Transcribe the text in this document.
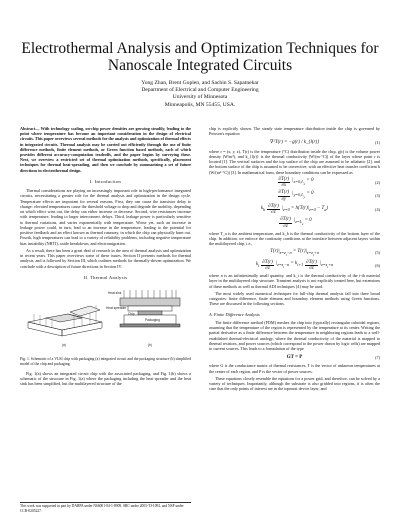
Electrothermal Analysis and Optimization Techniques for Nanoscale Integrated Circuits
Yong Zhan, Brent Goplen, and Sachin S. Sapatnekar
Department of Electrical and Computer Engineering
University of Minnesota
Minneapolis, MN 55455, USA.
Abstract— With technology scaling, on-chip power densities are growing steadily, leading to the point where temperature has become an important consideration in the design of electrical circuits. This paper overviews several methods for the analysis and optimization of thermal effects in integrated circuits. Thermal analysis may be carried out efficiently through the use of finite difference methods, finite element methods, or Green function based methods, each of which provides different accuracy-computation tradeoffs, and the paper begins by surveying these. Next, we overview a restricted set of thermal optimization methods, specifically, placement techniques for thermal heat-spreading, and then we conclude by summarizing a set of future directions in electrothermal design.
I. Introduction

Thermal considerations are playing an increasingly important role in high-performance integrated circuits, necessitating a greater role for the thermal analysis and optimization in the design cycle. Temperature effects are important for several reasons. First, they can cause the transistor delay to change: elevated temperatures cause the threshold voltage to drop and degrade the mobility, depending on which effect wins out, the delay can either increase or decrease. Second, wire resistances increase with temperature, leading to larger interconnect delays. Third, leakage power is particularly sensitive to thermal variations, and varies exponentially with temperature. Worse yet, such an increase in leakage power could, in turn, lead to an increase in the temperature, leading to the potential for positive feedback and an effect known as thermal runaway, in which the chip can physically burn out. Fourth, high temperatures can lead to a variety of reliability problems, including negative temperature bias instability (NBTI), oxide breakdown, and electromigration.

As a result, there has been a great deal of research in the area of thermal analysis and optimization in recent years. This paper overviews some of these issues. Section II presents methods for thermal analysis, and is followed by Section III, which outlines methods for thermally-driven optimization. We conclude with a description of future directions in Section IV.

II. Thermal Analysis
Heat sink
Heat spreader
Chip
Packaging
(a)	(b)
Fig. 1. Schematic of a VLSI chip with packaging (a) integrated circuit and the packaging structure (b) simplified model of the chip and packaging.

Fig. 1(a) shows an integrated circuit chip with the associated packaging, and Fig. 1(b) shows a schematic of the structure in Fig. 1(a) where the packaging including the heat spreader and the heat sink has been simplified, but the multilayered structure of the

This work was supported in part by DARPA under N66001-04-1-8909, SRC under 2003-TJ-1092, and NSF under CCR-0205227.

chip is explicitly shown. The steady state temperature distribution inside the chip is governed by Poisson's equation

∇²T(r) = −g(r) / k_{l(r)}	(1)

where r = (x, y, z), T(r) is the temperature (°C) distribution inside the chip, g(r) is the volume power density (W/m³), and k_{l(r)} is the thermal conductivity (W/(m·°C)) of the layer where point r is located [1]. The vertical surfaces and the top surface of the chip are assumed to be adiabatic [2], and the bottom surface of the chip is assumed to be convective, with an effective heat transfer coefficient h (W/(m²·°C)) [3]. In mathematical form, these boundary conditions can be expressed as

$\frac{\partial T(r)}{\partial x} |_{x=0,L_x} = 0$	(2)
$\frac{\partial T(r)}{\partial y} |_{y=0,L_y} = 0$	(3)
$k_b \frac{\partial T(r)}{\partial z} |_{z=0} = h(T(r)|_{z=0} - T_a)$	(4)
$\frac{\partial T(r)}{\partial z} |_{z=L_z} = 0$

where T_a is the ambient temperature, and k_b is the thermal conductivity of the bottom layer of the chip. In addition, we enforce the continuity conditions at the interface between adjacent layers within the multilayered chip, i.e.,

$T(r)|_{z=z_i-n} = T(r)|_{z=z_i+n}$	(5)
$k_i \frac{\partial T(r)}{\partial z} |_{z=z_i-n} = k_{i+1} \frac{\partial T(r)}{\partial z} |_{z=z_i+n}$	(6)

where n is an infinitesimally small quantity, and k_i is the thermal conductivity of the i-th material layer in the multilayered chip structure. Transient analysis is not explicitly treated here, but extensions of these methods as well as thermal ADI techniques [4] may be used.

The most widely used numerical techniques for full-chip thermal analysis fall into three broad categories: finite difference, finite element and boundary element methods using Green functions. These are discussed in the following sections.

A. Finite Difference Analysis

The finite difference method (FDM) meshes the chip into (typically) rectangular cuboidal regions, assuming that the temperature of the region is represented by the temperature at its center. Writing the partial derivative as a finite difference between the temperature in neighboring regions leads to a well-established thermal-electrical analogy, where the thermal conductivity of the material is mapped to thermal resistors, and power sources (which correspond to the power drawn by logic cells) are mapped to current sources. This leads to a formulation of the type

GT = P	(7)

where G is the conductance matrix of thermal resistances, T is the vector of unknown temperatures at the center of each region, and P is the vector of power sources.

These equations closely resemble the equations for a power grid, and therefore, can be solved by a variety of techniques. Importantly, although the substrate is also gridded into regions, it is often the case that the only points of interest are in the topmost device layer, and
